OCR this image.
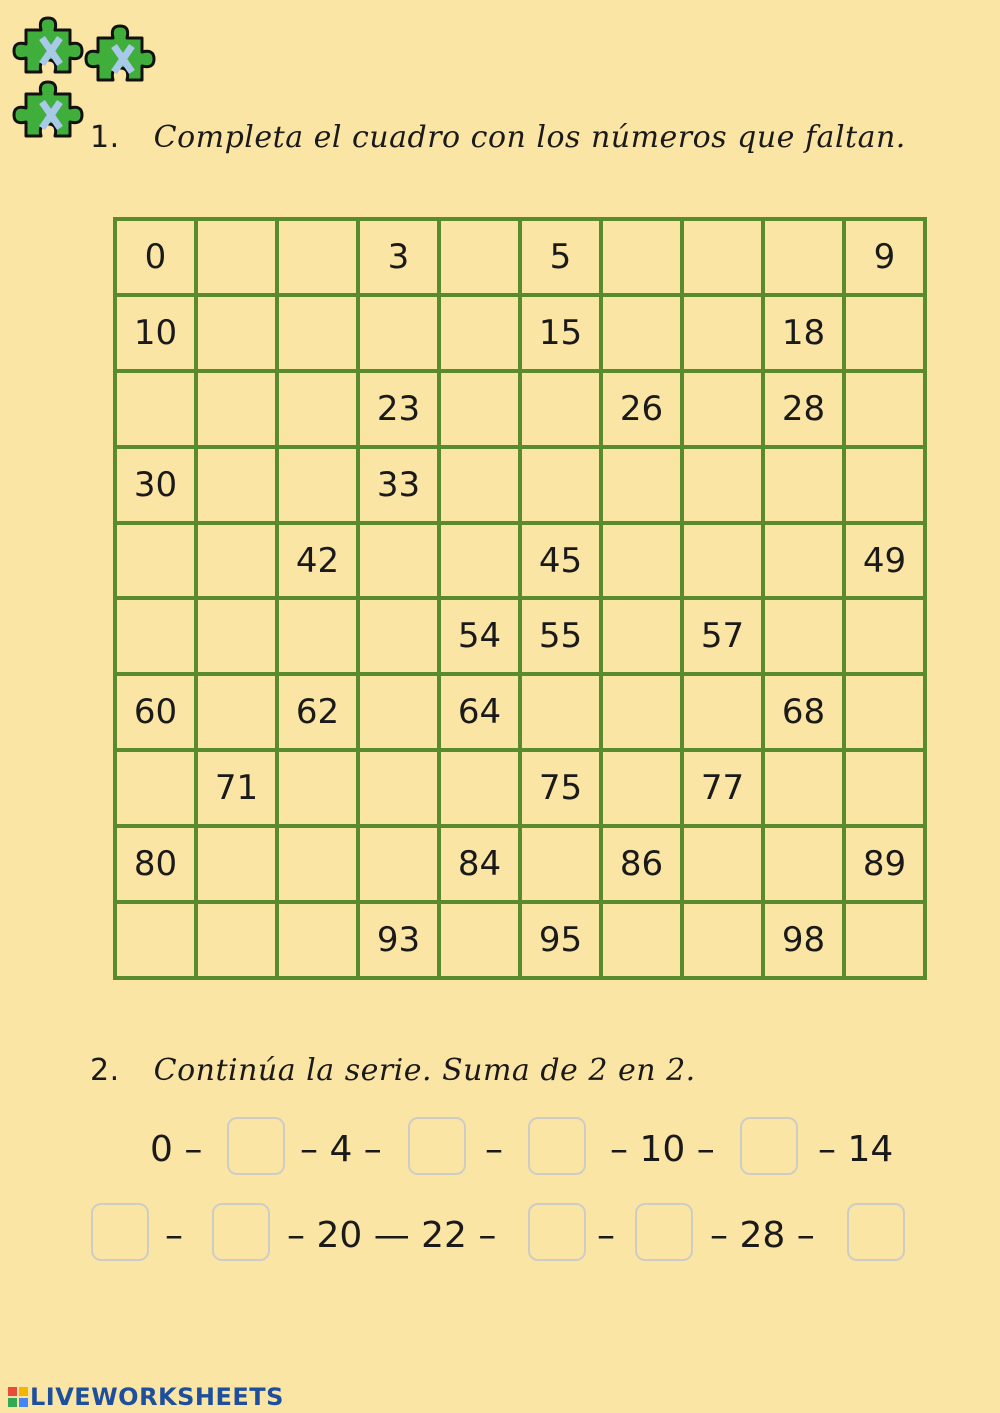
1. Completa el cuadro con los números que faltan.
0			3		5				9
10					15			18	
			23			26		28	
30			33						
		42			45				49
				54	55		57		
60		62		64				68	
	71				75		77		
80				84		86			89
			93		95			98	
2. Continúa la serie. Suma de 2 en 2.
0 –	– 4 –	–	– 10 –	– 14
–	– 20 — 22 –	–	– 28 –
LIVEWORKSHEETS
